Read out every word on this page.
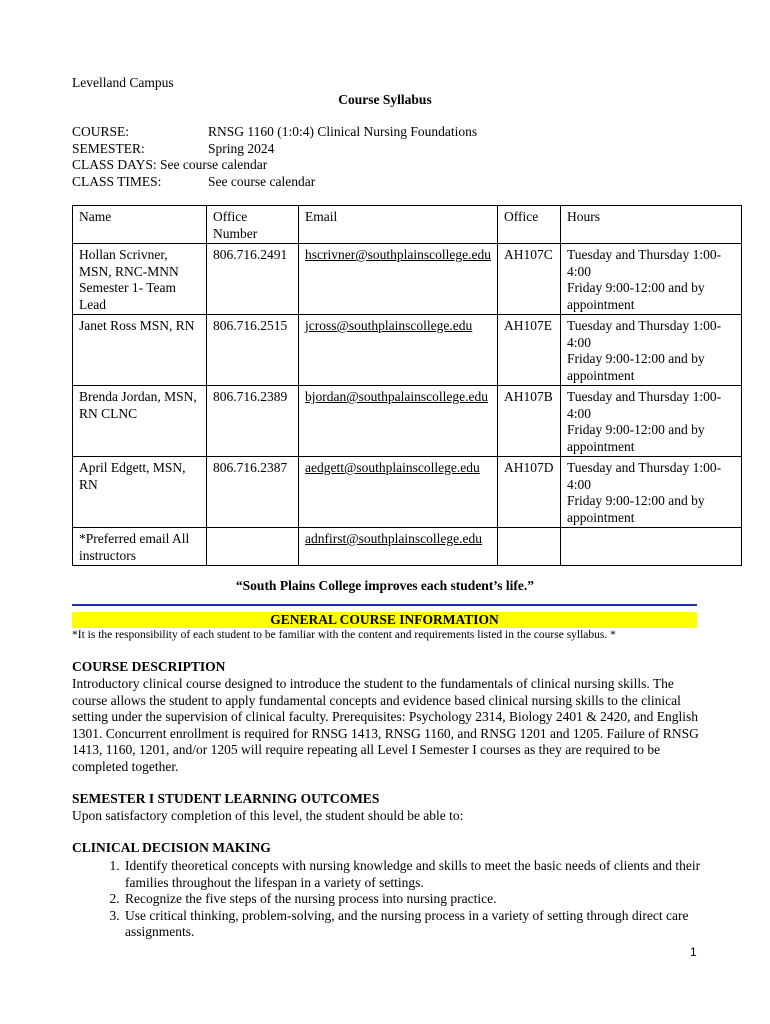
Levelland Campus
Course Syllabus
COURSE:	RNSG 1160 (1:0:4) Clinical Nursing Foundations
SEMESTER:	Spring 2024
CLASS DAYS: See course calendar
CLASS TIMES:	See course calendar
Name	Office Number	Email	Office	Hours
Hollan Scrivner, MSN, RNC-MNN Semester 1- Team Lead	806.716.2491	hscrivner@southplainscollege.edu	AH107C	Tuesday and Thursday 1:00-4:00
Friday 9:00-12:00 and by appointment
Janet Ross MSN, RN	806.716.2515	jcross@southplainscollege.edu	AH107E	Tuesday and Thursday 1:00-4:00
Friday 9:00-12:00 and by appointment
Brenda Jordan, MSN, RN CLNC	806.716.2389	bjordan@southpalainscollege.edu	AH107B	Tuesday and Thursday 1:00-4:00
Friday 9:00-12:00 and by appointment
April Edgett, MSN, RN	806.716.2387	aedgett@southplainscollege.edu	AH107D	Tuesday and Thursday 1:00-4:00
Friday 9:00-12:00 and by appointment
*Preferred email All instructors		adnfirst@southplainscollege.edu		
“South Plains College improves each student’s life.”
GENERAL COURSE INFORMATION
*It is the responsibility of each student to be familiar with the content and requirements listed in the course syllabus. *
COURSE DESCRIPTION
Introductory clinical course designed to introduce the student to the fundamentals of clinical nursing skills. The course allows the student to apply fundamental concepts and evidence based clinical nursing skills to the clinical setting under the supervision of clinical faculty. Prerequisites: Psychology 2314, Biology 2401 & 2420, and English 1301. Concurrent enrollment is required for RNSG 1413, RNSG 1160, and RNSG 1201 and 1205. Failure of RNSG 1413, 1160, 1201, and/or 1205 will require repeating all Level I Semester I courses as they are required to be completed together.
SEMESTER I STUDENT LEARNING OUTCOMES
Upon satisfactory completion of this level, the student should be able to:
CLINICAL DECISION MAKING
1. Identify theoretical concepts with nursing knowledge and skills to meet the basic needs of clients and their families throughout the lifespan in a variety of settings.
2. Recognize the five steps of the nursing process into nursing practice.
3. Use critical thinking, problem-solving, and the nursing process in a variety of setting through direct care assignments.
1
